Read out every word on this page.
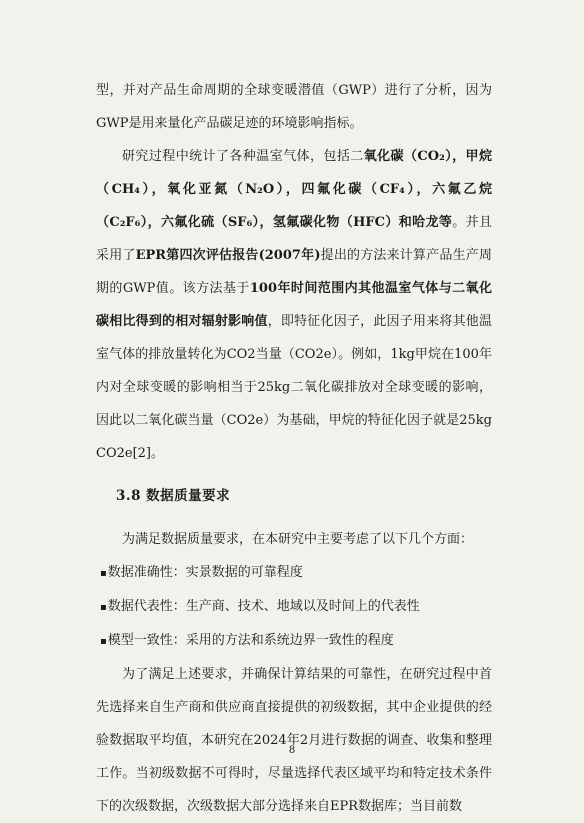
型，并对产品生命周期的全球变暖潜值（GWP）进行了分析，因为GWP是用来量化产品碳足迹的环境影响指标。

研究过程中统计了各种温室气体，包括二氧化碳（CO₂），甲烷（CH₄），氧化亚氮（N₂O），四氟化碳（CF₄），六氟乙烷（C₂F₆），六氟化硫（SF₆），氢氟碳化物（HFC）和哈龙等。并且采用了EPR第四次评估报告(2007年)提出的方法来计算产品生产周期的GWP值。该方法基于100年时间范围内其他温室气体与二氧化碳相比得到的相对辐射影响值，即特征化因子，此因子用来将其他温室气体的排放量转化为CO2当量（CO2e）。例如，1kg甲烷在100年内对全球变暖的影响相当于25kg二氧化碳排放对全球变暖的影响，因此以二氧化碳当量（CO2e）为基础，甲烷的特征化因子就是25kg CO2e[2]。

3.8 数据质量要求

为满足数据质量要求，在本研究中主要考虑了以下几个方面：

▪数据准确性：实景数据的可靠程度

▪数据代表性：生产商、技术、地域以及时间上的代表性

▪模型一致性：采用的方法和系统边界一致性的程度

为了满足上述要求，并确保计算结果的可靠性，在研究过程中首先选择来自生产商和供应商直接提供的初级数据，其中企业提供的经验数据取平均值，本研究在2024年2月进行数据的调查、收集和整理工作。当初级数据不可得时，尽量选择代表区域平均和特定技术条件下的次级数据，次级数据大部分选择来自EPR数据库；当目前数

8
